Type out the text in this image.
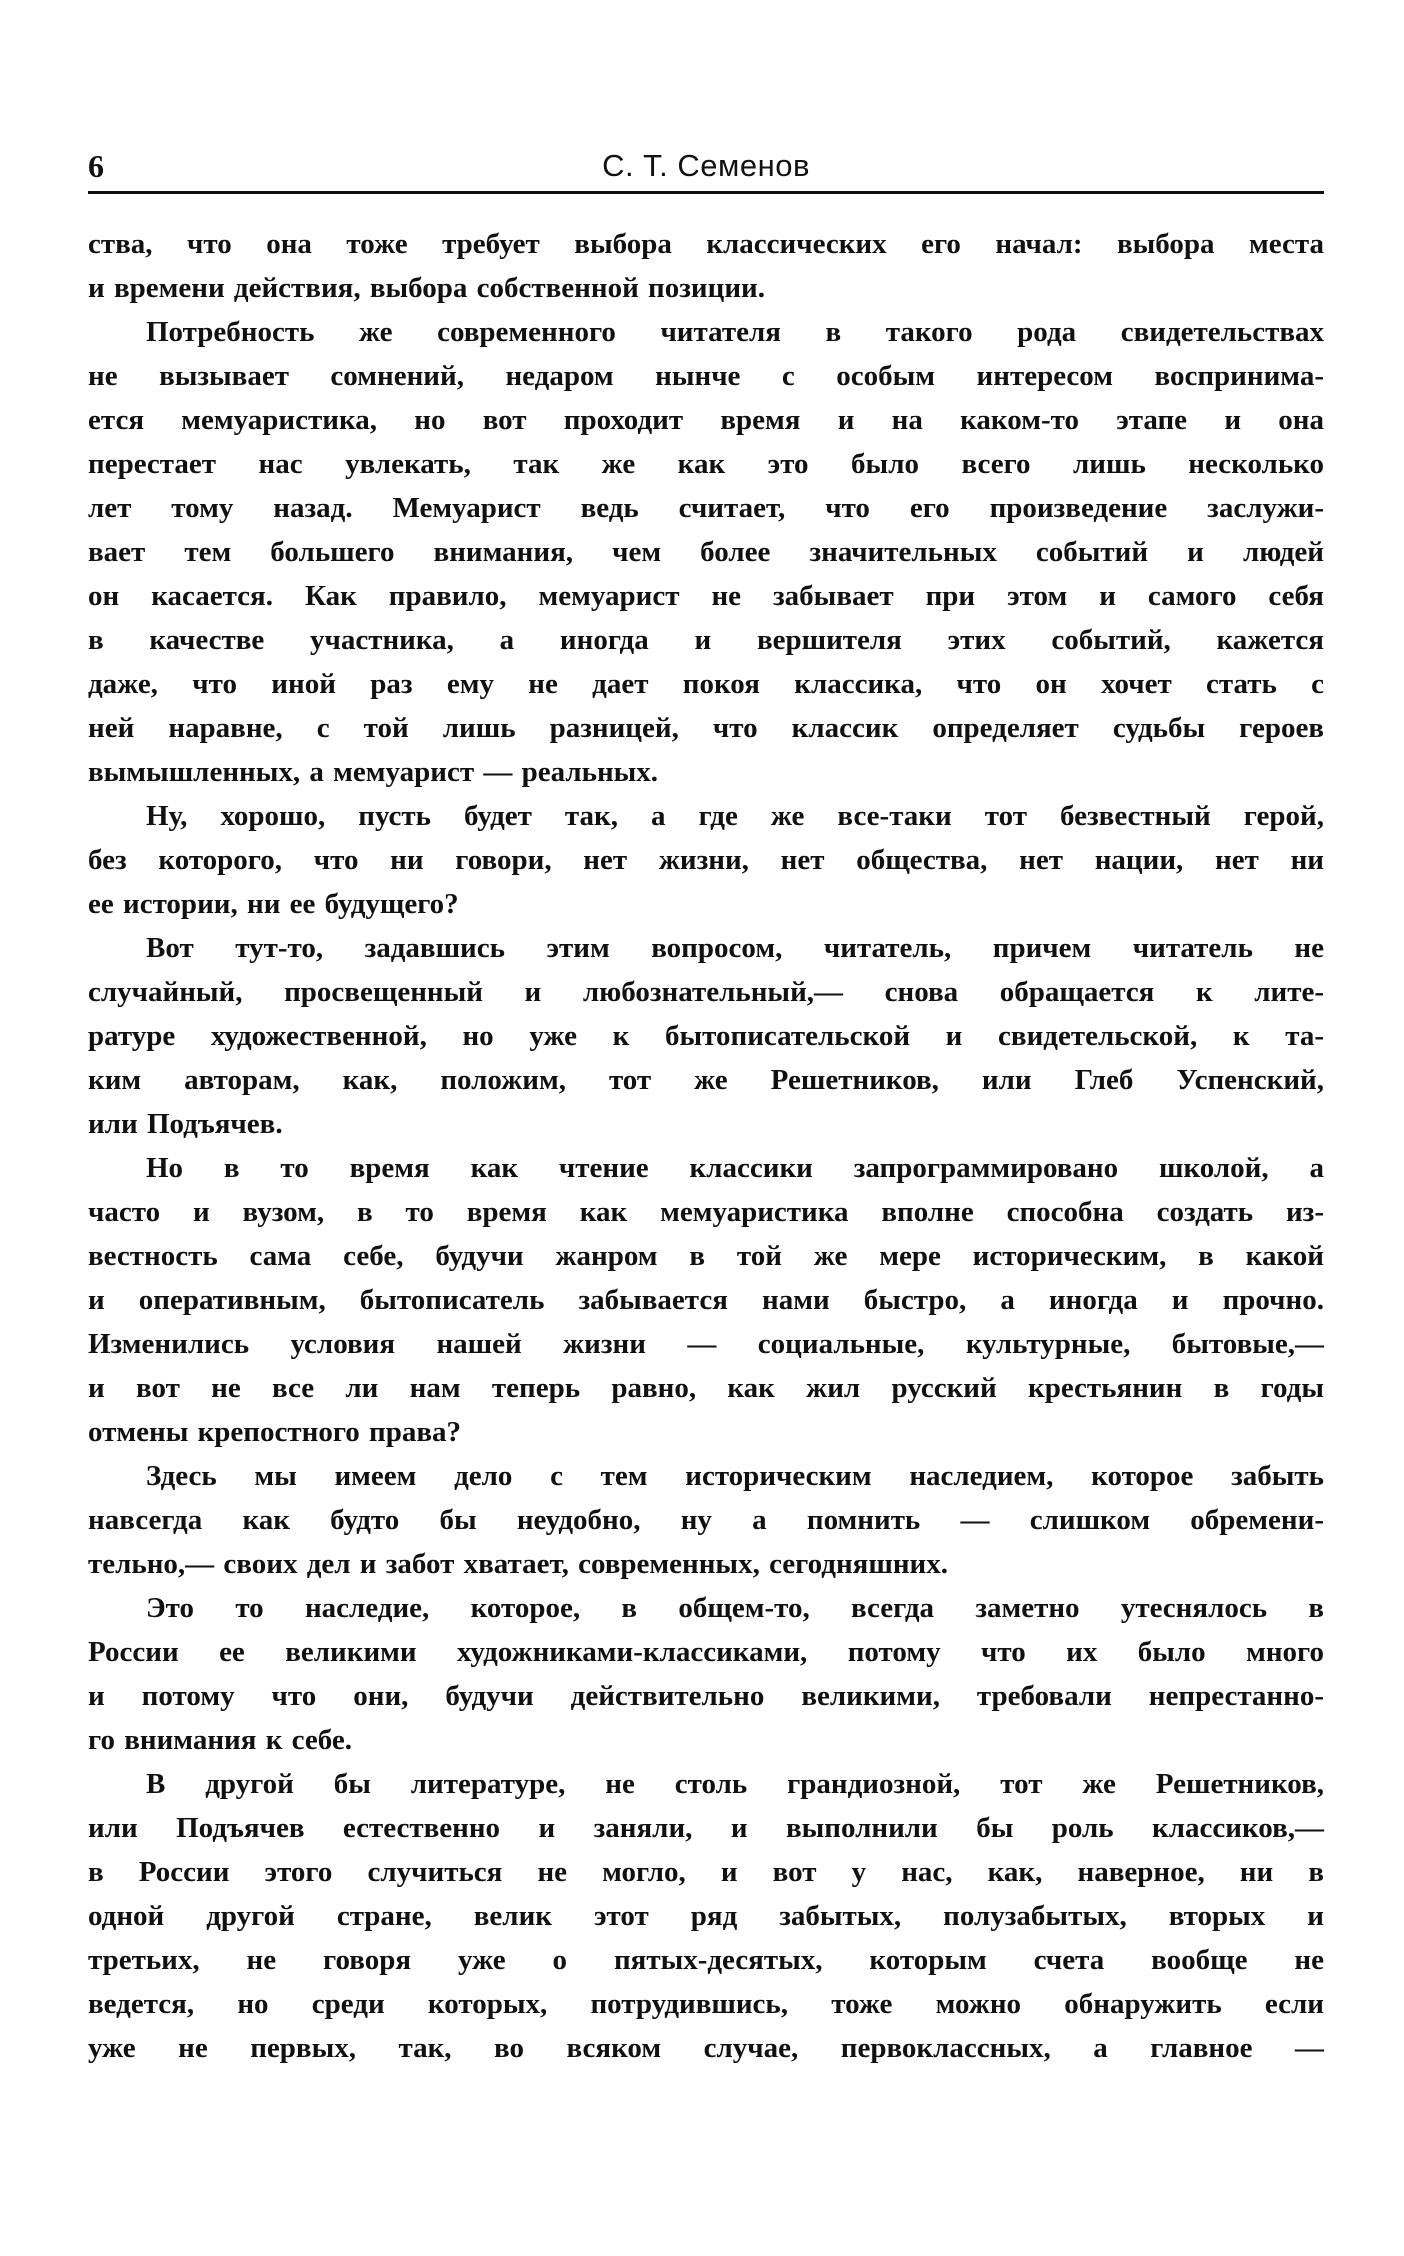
6	С. Т. Семенов
ства, что она тоже требует выбора классических его начал: выбора места
и времени действия, выбора собственной позиции.
Потребность же современного читателя в такого рода свидетельствах
не вызывает сомнений, недаром нынче с особым интересом воспринима-
ется мемуаристика, но вот проходит время и на каком-то этапе и она
перестает нас увлекать, так же как это было всего лишь несколько
лет тому назад. Мемуарист ведь считает, что его произведение заслужи-
вает тем большего внимания, чем более значительных событий и людей
он касается. Как правило, мемуарист не забывает при этом и самого себя
в качестве участника, а иногда и вершителя этих событий, кажется
даже, что иной раз ему не дает покоя классика, что он хочет стать с
ней наравне, с той лишь разницей, что классик определяет судьбы героев
вымышленных, а мемуарист — реальных.
Ну, хорошо, пусть будет так, а где же все-таки тот безвестный герой,
без которого, что ни говори, нет жизни, нет общества, нет нации, нет ни
ее истории, ни ее будущего?
Вот тут-то, задавшись этим вопросом, читатель, причем читатель не
случайный, просвещенный и любознательный,— снова обращается к лите-
ратуре художественной, но уже к бытописательской и свидетельской, к та-
ким авторам, как, положим, тот же Решетников, или Глеб Успенский,
или Подъячев.
Но в то время как чтение классики запрограммировано школой, а
часто и вузом, в то время как мемуаристика вполне способна создать из-
вестность сама себе, будучи жанром в той же мере историческим, в какой
и оперативным, бытописатель забывается нами быстро, а иногда и прочно.
Изменились условия нашей жизни — социальные, культурные, бытовые,—
и вот не все ли нам теперь равно, как жил русский крестьянин в годы
отмены крепостного права?
Здесь мы имеем дело с тем историческим наследием, которое забыть
навсегда как будто бы неудобно, ну а помнить — слишком обремени-
тельно,— своих дел и забот хватает, современных, сегодняшних.
Это то наследие, которое, в общем-то, всегда заметно утеснялось в
России ее великими художниками-классиками, потому что их было много
и потому что они, будучи действительно великими, требовали непрестанно-
го внимания к себе.
В другой бы литературе, не столь грандиозной, тот же Решетников,
или Подъячев естественно и заняли, и выполнили бы роль классиков,—
в России этого случиться не могло, и вот у нас, как, наверное, ни в
одной другой стране, велик этот ряд забытых, полузабытых, вторых и
третьих, не говоря уже о пятых-десятых, которым счета вообще не
ведется, но среди которых, потрудившись, тоже можно обнаружить если
уже не первых, так, во всяком случае, первоклассных, а главное —
